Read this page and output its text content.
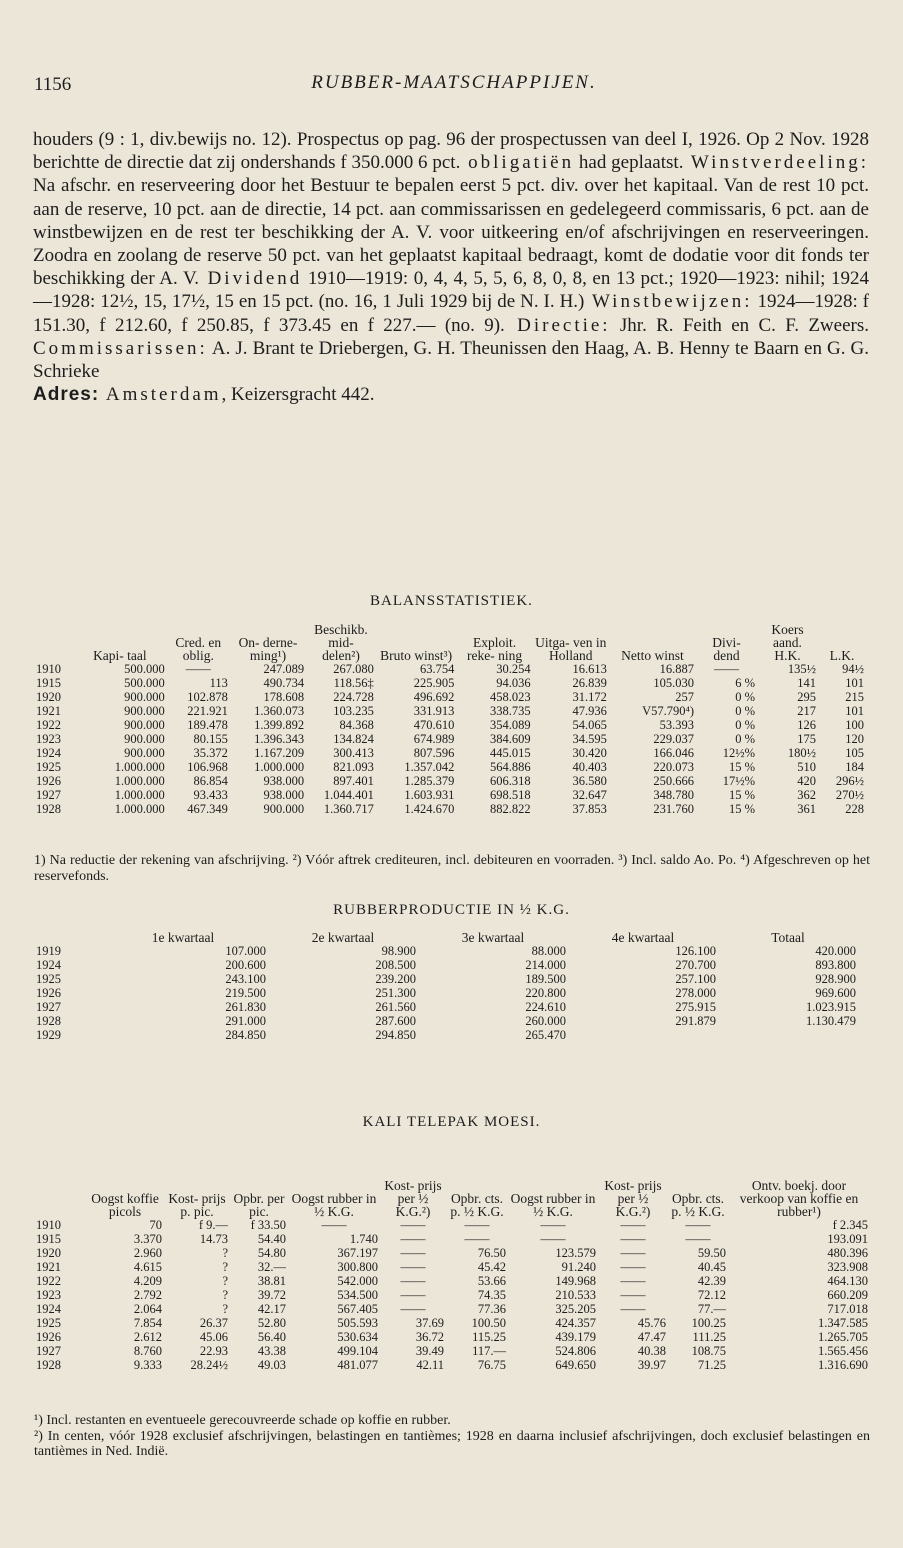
1156	RUBBER-MAATSCHAPPIJEN.

houders (9 : 1, div.bewijs no. 12). Prospectus op pag. 96 der prospectussen van deel I, 1926. Op 2 Nov. 1928 berichtte de directie dat zij ondershands f 350.000 6 pct. obligatiën had geplaatst. Winstverdeeling: Na afschr. en reserveering door het Bestuur te bepalen eerst 5 pct. div. over het kapitaal. Van de rest 10 pct. aan de reserve, 10 pct. aan de directie, 14 pct. aan commissarissen en gedelegeerd commissaris, 6 pct. aan de winstbewijzen en de rest ter beschikking der A. V. voor uitkeering en/of afschrijvingen en reserveeringen. Zoodra en zoolang de reserve 50 pct. van het geplaatst kapitaal bedraagt, komt de dodatie voor dit fonds ter beschikking der A. V. Dividend 1910—1919: 0, 4, 4, 5, 5, 6, 8, 0, 8, en 13 pct.; 1920—1923: nihil; 1924—1928: 12½, 15, 17½, 15 en 15 pct. (no. 16, 1 Juli 1929 bij de N. I. H.) Winstbewijzen: 1924—1928: f 151.30, f 212.60, f 250.85, f 373.45 en f 227.— (no. 9). Directie: Jhr. R. Feith en C. F. Zweers. Commissarissen: A. J. Brant te Driebergen, G. H. Theunissen den Haag, A. B. Henny te Baarn en G. G. Schrieke
Adres: Amsterdam, Keizersgracht 442.

BALANSSTATISTIEK.
	Kapi- taal	Cred. en oblig.	On- derne- ming¹)	Beschikb. mid- delen²)	Bruto winst³)	Exploit. reke- ning	Uitga- ven in Holland	Netto winst	Divi- dend	Koers aand. H.K.	L.K.
1910	500.000	——	247.089	267.080	63.754	30.254	16.613	16.887	——	135½	94½
1915	500.000	113	490.734	118.56‡	225.905	94.036	26.839	105.030	6 %	141	101
1920	900.000	102.878	178.608	224.728	496.692	458.023	31.172	257	0 %	295	215
1921	900.000	221.921	1.360.073	103.235	331.913	338.735	47.936	V57.790⁴)	0 %	217	101
1922	900.000	189.478	1.399.892	84.368	470.610	354.089	54.065	53.393	0 %	126	100
1923	900.000	80.155	1.396.343	134.824	674.989	384.609	34.595	229.037	0 %	175	120
1924	900.000	35.372	1.167.209	300.413	807.596	445.015	30.420	166.046	12½%	180½	105
1925	1.000.000	106.968	1.000.000	821.093	1.357.042	564.886	40.403	220.073	15 %	510	184
1926	1.000.000	86.854	938.000	897.401	1.285.379	606.318	36.580	250.666	17½%	420	296½
1927	1.000.000	93.433	938.000	1.044.401	1.603.931	698.518	32.647	348.780	15 %	362	270½
1928	1.000.000	467.349	900.000	1.360.717	1.424.670	882.822	37.853	231.760	15 %	361	228
1) Na reductie der rekening van afschrijving. ²) Vóór aftrek crediteuren, incl. debiteuren en voorraden. ³) Incl. saldo Ao. Po. ⁴) Afgeschreven op het reservefonds.
RUBBERPRODUCTIE IN ½ K.G.
	1e kwartaal	2e kwartaal	3e kwartaal	4e kwartaal	Totaal
1919	107.000	98.900	88.000	126.100	420.000
1924	200.600	208.500	214.000	270.700	893.800
1925	243.100	239.200	189.500	257.100	928.900
1926	219.500	251.300	220.800	278.000	969.600
1927	261.830	261.560	224.610	275.915	1.023.915
1928	291.000	287.600	260.000	291.879	1.130.479
1929	284.850	294.850	265.470		
KALI TELEPAK MOESI.
	Oogst koffie picols	Kost- prijs p. pic.	Opbr. per pic.	Oogst rubber in ½ K.G.	Kost- prijs per ½ K.G.²)	Opbr. cts. p. ½ K.G.	Oogst rubber in ½ K.G.	Kost- prijs per ½ K.G.²)	Opbr. cts. p. ½ K.G.	Ontv. boekj. door verkoop van koffie en rubber¹)
1910	70	f 9.—	f 33.50	——	——	——	——	——	——	f 2.345
1915	3.370	14.73	54.40	1.740	——	——	——	——	——	193.091
1920	2.960	?	54.80	367.197	——	76.50	123.579	——	59.50	480.396
1921	4.615	?	32.—	300.800	——	45.42	91.240	——	40.45	323.908
1922	4.209	?	38.81	542.000	——	53.66	149.968	——	42.39	464.130
1923	2.792	?	39.72	534.500	——	74.35	210.533	——	72.12	660.209
1924	2.064	?	42.17	567.405	——	77.36	325.205	——	77.—	717.018
1925	7.854	26.37	52.80	505.593	37.69	100.50	424.357	45.76	100.25	1.347.585
1926	2.612	45.06	56.40	530.634	36.72	115.25	439.179	47.47	111.25	1.265.705
1927	8.760	22.93	43.38	499.104	39.49	117.—	524.806	40.38	108.75	1.565.456
1928	9.333	28.24½	49.03	481.077	42.11	76.75	649.650	39.97	71.25	1.316.690

¹) Incl. restanten en eventueele gerecouvreerde schade op koffie en rubber.

²) In centen, vóór 1928 exclusief afschrijvingen, belastingen en tantièmes; 1928 en daarna inclusief afschrijvingen, doch exclusief belastingen en tantièmes in Ned. Indië.
